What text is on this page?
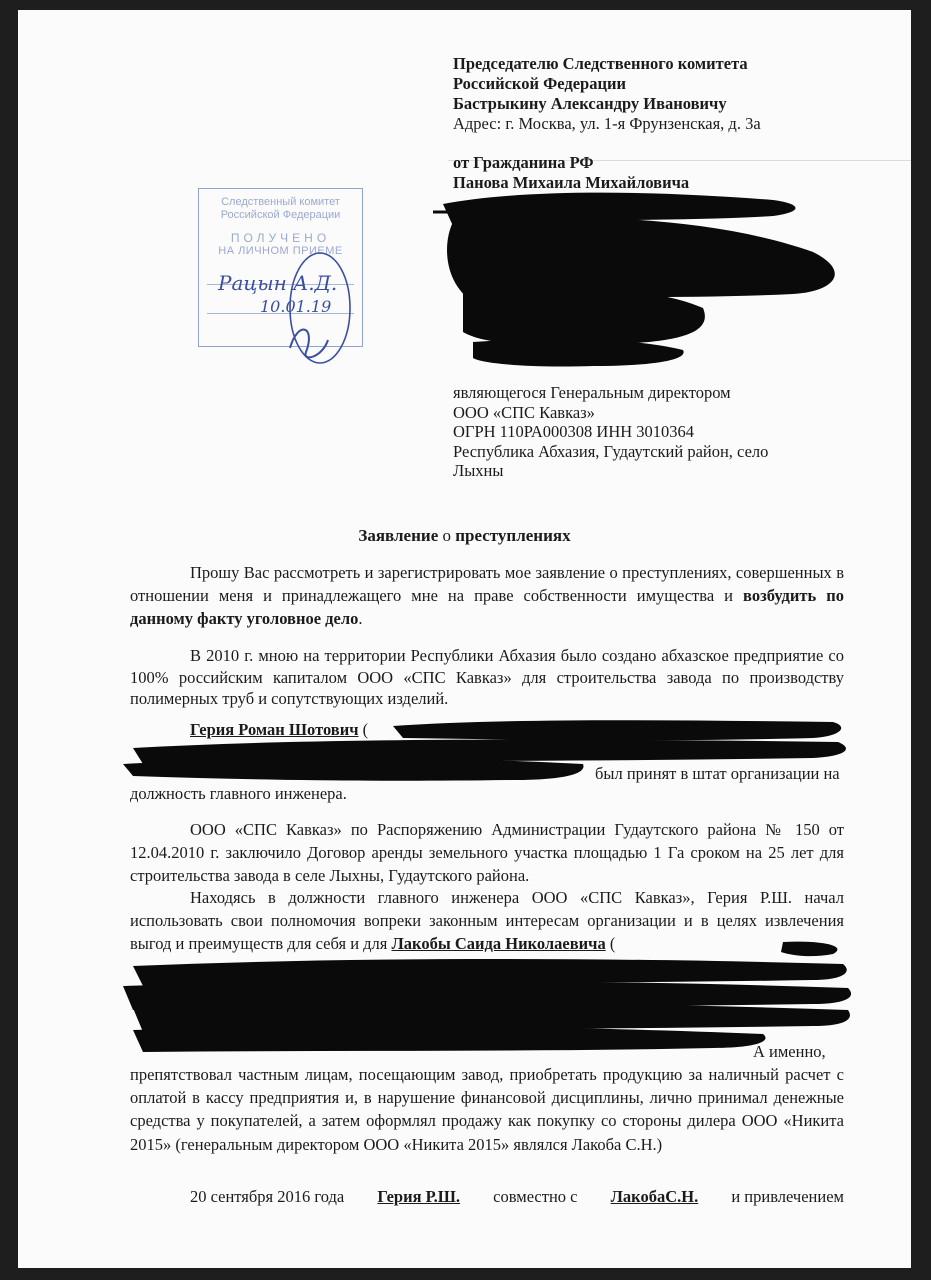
Председателю Следственного комитета
Российской Федерации
Бастрыкину Александру Ивановичу
Адрес: г. Москва, ул. 1-я Фрунзенская, д. 3а
от Гражданина РФ
Панова Михаила Михайловича
Следственный комитет
Российской Федерации
ПОЛУЧЕНО
НА ЛИЧНОМ ПРИЕМЕ
Рацын А.Д.
10.01.19
являющегося Генеральным директором
ООО «СПС Кавказ»
ОГРН 110РА000308 ИНН 3010364
Республика Абхазия, Гудаутский район, село
Лыхны
Заявление о преступлениях
Прошу Вас рассмотреть и зарегистрировать мое заявление о преступлениях, совершенных в отношении меня и принадлежащего мне на праве собственности имущества и возбудить по данному факту уголовное дело.
В 2010 г. мною на территории Республики Абхазия было создано абхазское предприятие со 100% российским капиталом ООО «СПС Кавказ» для строительства завода по производству полимерных труб и сопутствующих изделий.
Герия Роман Шотович (
был принят в штат организации на
должность главного инженера.
ООО «СПС Кавказ» по Распоряжению Администрации Гудаутского района № 150 от 12.04.2010 г. заключило Договор аренды земельного участка площадью 1 Га сроком на 25 лет для строительства завода в селе Лыхны, Гудаутского района.
Находясь в должности главного инженера ООО «СПС Кавказ», Герия Р.Ш. начал использовать свои полномочия вопреки законным интересам организации и в целях извлечения выгод и преимуществ для себя и для Лакобы Саида Николаевича (
А именно,
препятствовал частным лицам, посещающим завод, приобретать продукцию за наличный расчет с оплатой в кассу предприятия и, в нарушение финансовой дисциплины, лично принимал денежные средства у покупателей, а затем оформлял продажу как покупку со стороны дилера ООО «Никита 2015» (генеральным директором ООО «Никита 2015» являлся Лакоба С.Н.)
20 сентября 2016 года Герия Р.Ш. совместно с ЛакобаС.Н. и привлечением
